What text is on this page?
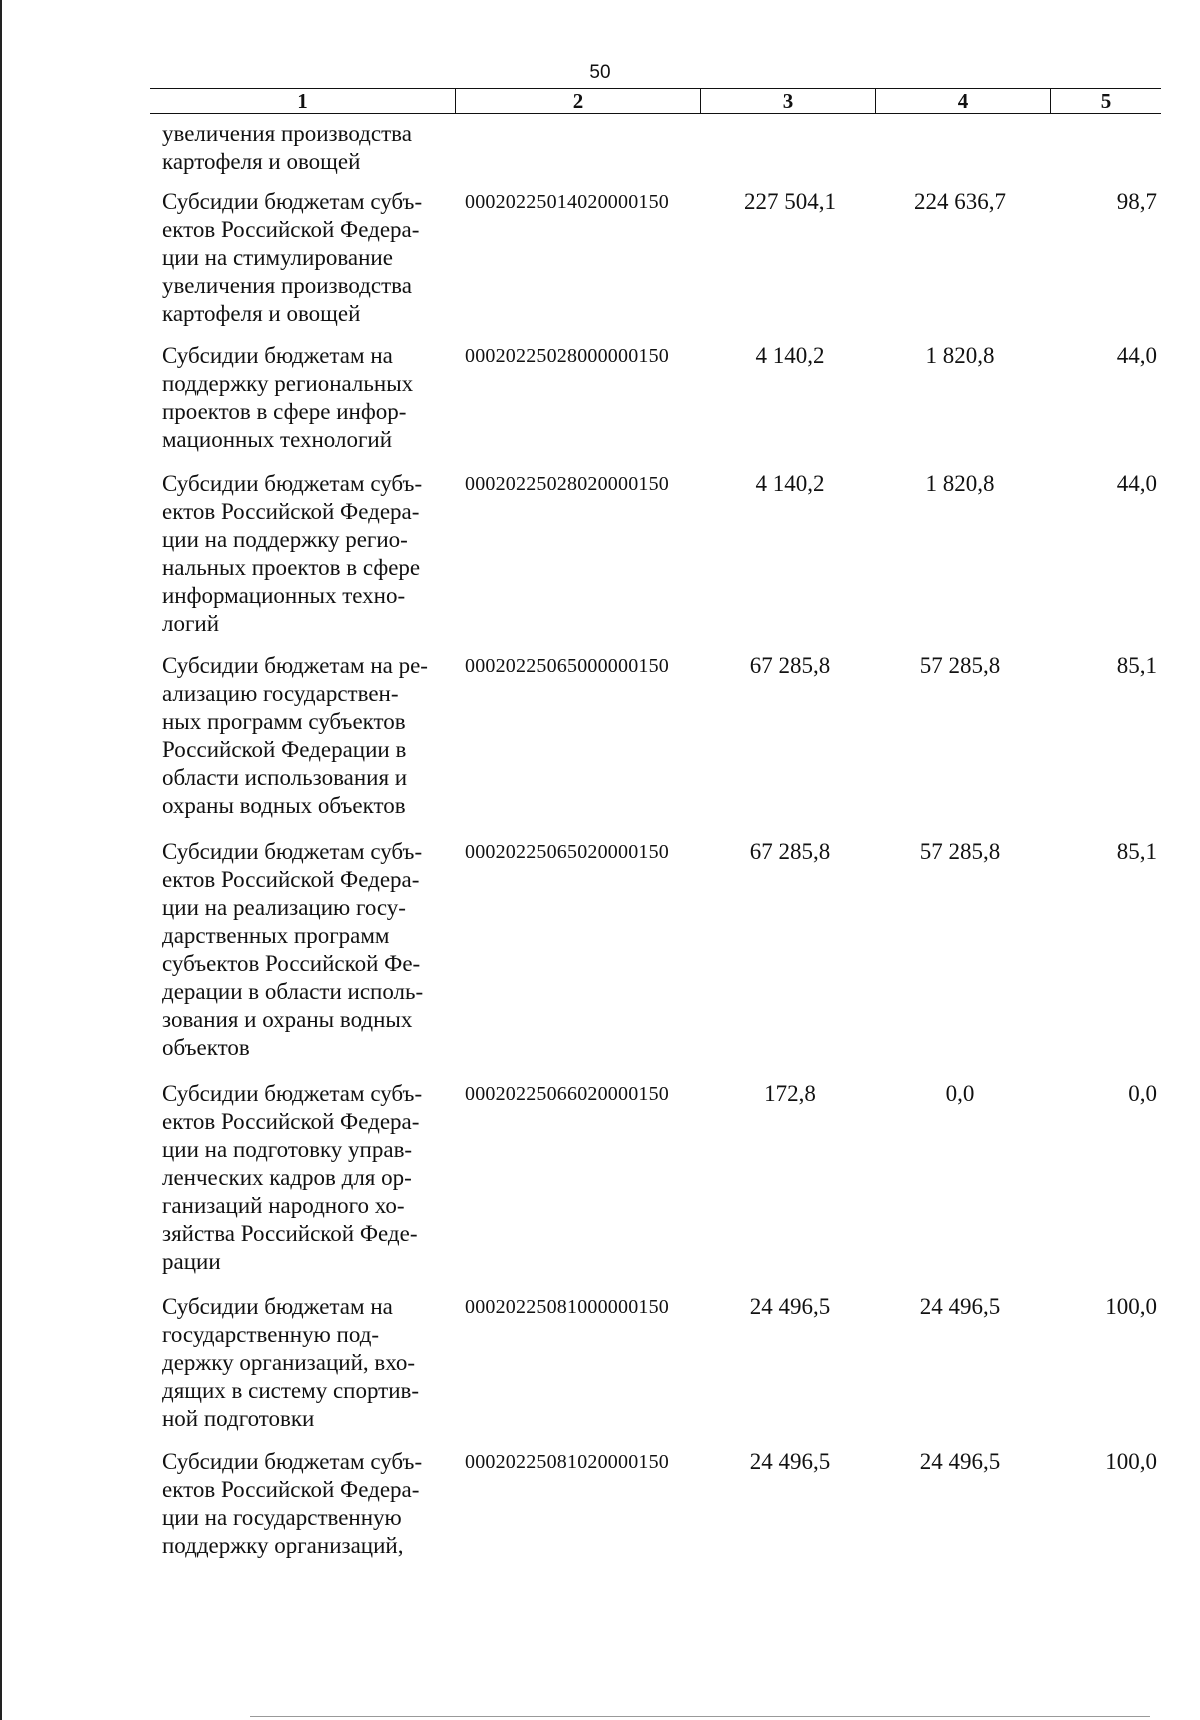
50
1	2	3	4	5
увеличения производства
картофеля и овощей
Субсидии бюджетам субъ-
ектов Российской Федера-
ции на стимулирование
увеличения производства
картофеля и овощей
00020225014020000150	227 504,1	224 636,7	98,7
Субсидии бюджетам на
поддержку региональных
проектов в сфере инфор-
мационных технологий
00020225028000000150	4 140,2	1 820,8	44,0
Субсидии бюджетам субъ-
ектов Российской Федера-
ции на поддержку регио-
нальных проектов в сфере
информационных техно-
логий
00020225028020000150	4 140,2	1 820,8	44,0
Субсидии бюджетам на ре-
ализацию государствен-
ных программ субъектов
Российской Федерации в
области использования и
охраны водных объектов
00020225065000000150	67 285,8	57 285,8	85,1
Субсидии бюджетам субъ-
ектов Российской Федера-
ции на реализацию госу-
дарственных программ
субъектов Российской Фе-
дерации в области исполь-
зования и охраны водных
объектов
00020225065020000150	67 285,8	57 285,8	85,1
Субсидии бюджетам субъ-
ектов Российской Федера-
ции на подготовку управ-
ленческих кадров для ор-
ганизаций народного хо-
зяйства Российской Феде-
рации
00020225066020000150	172,8	0,0	0,0
Субсидии бюджетам на
государственную под-
держку организаций, вхо-
дящих в систему спортив-
ной подготовки
00020225081000000150	24 496,5	24 496,5	100,0
Субсидии бюджетам субъ-
ектов Российской Федера-
ции на государственную
поддержку организаций,
00020225081020000150	24 496,5	24 496,5	100,0
